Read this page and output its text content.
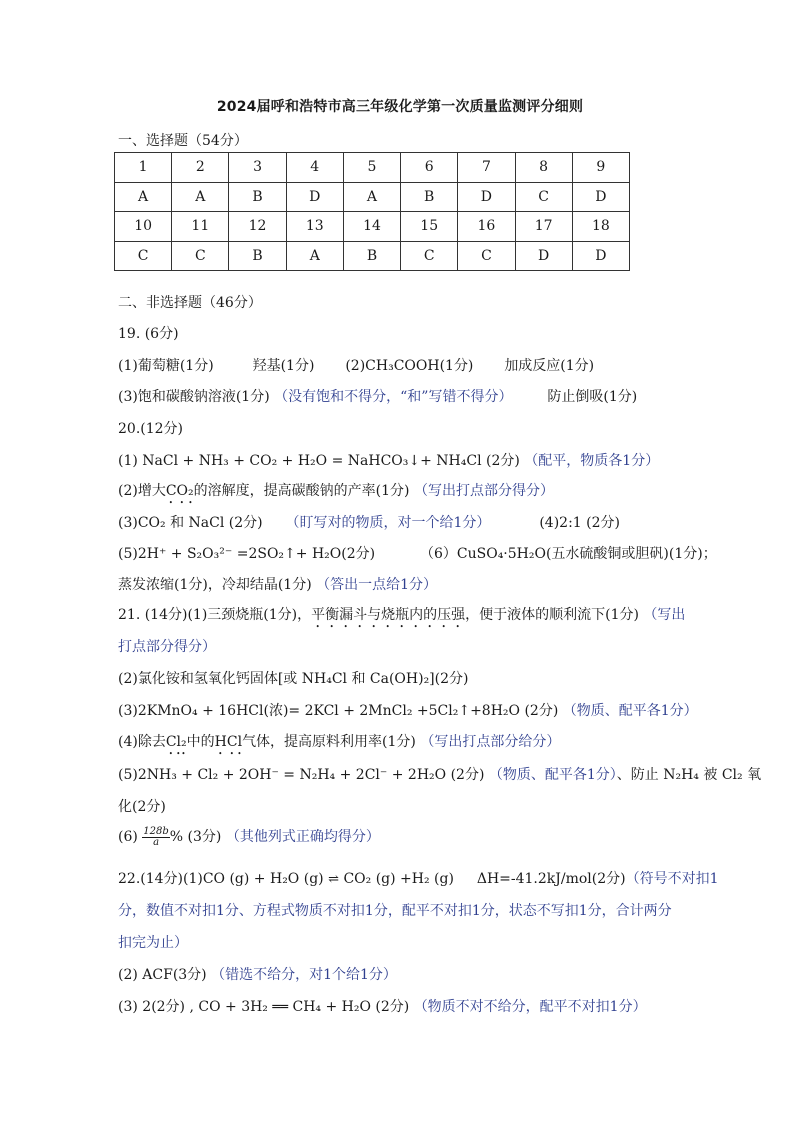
2024届呼和浩特市高三年级化学第一次质量监测评分细则
一、选择题（54分）
1	2	3	4	5	6	7	8	9
A	A	B	D	A	B	D	C	D
10	11	12	13	14	15	16	17	18
C	C	B	A	B	C	C	D	D
二、非选择题（46分）
19. (6分)
(1)葡萄糖(1分)	羟基(1分) (2)CH₃COOH(1分) 加成反应(1分)
(3)饱和碳酸钠溶液(1分) （没有饱和不得分，“和”写错不得分） 防止倒吸(1分)
20.(12分)
(1) NaCl + NH₃ + CO₂ + H₂O = NaHCO₃↓+ NH₄Cl (2分) （配平，物质各1分）
(2)增大CO₂的溶解度，提高碳酸钠的产率(1分) （写出打点部分得分）
(3)CO₂ 和 NaCl (2分) （盯写对的物质，对一个给1分）	(4)2:1 (2分)
(5)2H⁺ + S₂O₃²⁻ =2SO₂↑+ H₂O(2分)	（6）CuSO₄·5H₂O(五水硫酸铜或胆矾)(1分)；
蒸发浓缩(1分)，冷却结晶(1分) （答出一点给1分）
21. (14分)(1)三颈烧瓶(1分)，平衡漏斗与烧瓶内的压强，便于液体的顺利流下(1分) （写出
打点部分得分）
(2)氯化铵和氢氧化钙固体[或 NH₄Cl 和 Ca(OH)₂](2分)
(3)2KMnO₄ + 16HCl(浓)= 2KCl + 2MnCl₂ +5Cl₂↑+8H₂O (2分) （物质、配平各1分）
(4)除去Cl₂中的HCl气体，提高原料利用率(1分) （写出打点部分给分）
(5)2NH₃ + Cl₂ + 2OH⁻ = N₂H₄ + 2Cl⁻ + 2H₂O (2分) （物质、配平各1分）、防止 N₂H₄ 被 Cl₂ 氧
化(2分)
$(6) \frac{128b}{a}$ % (3分) （其他列式正确均得分）
22.(14分)(1)CO (g) + H₂O (g) ⇌ CO₂ (g) +H₂ (g) ΔH=-41.2kJ/mol(2分)（符号不对扣1
分，数值不对扣1分、方程式物质不对扣1分，配平不对扣1分，状态不写扣1分，合计两分
扣完为止）
(2) ACF(3分) （错选不给分，对1个给1分）
(3) 2(2分) , CO + 3H₂ ══ CH₄ + H₂O (2分) （物质不对不给分，配平不对扣1分）
